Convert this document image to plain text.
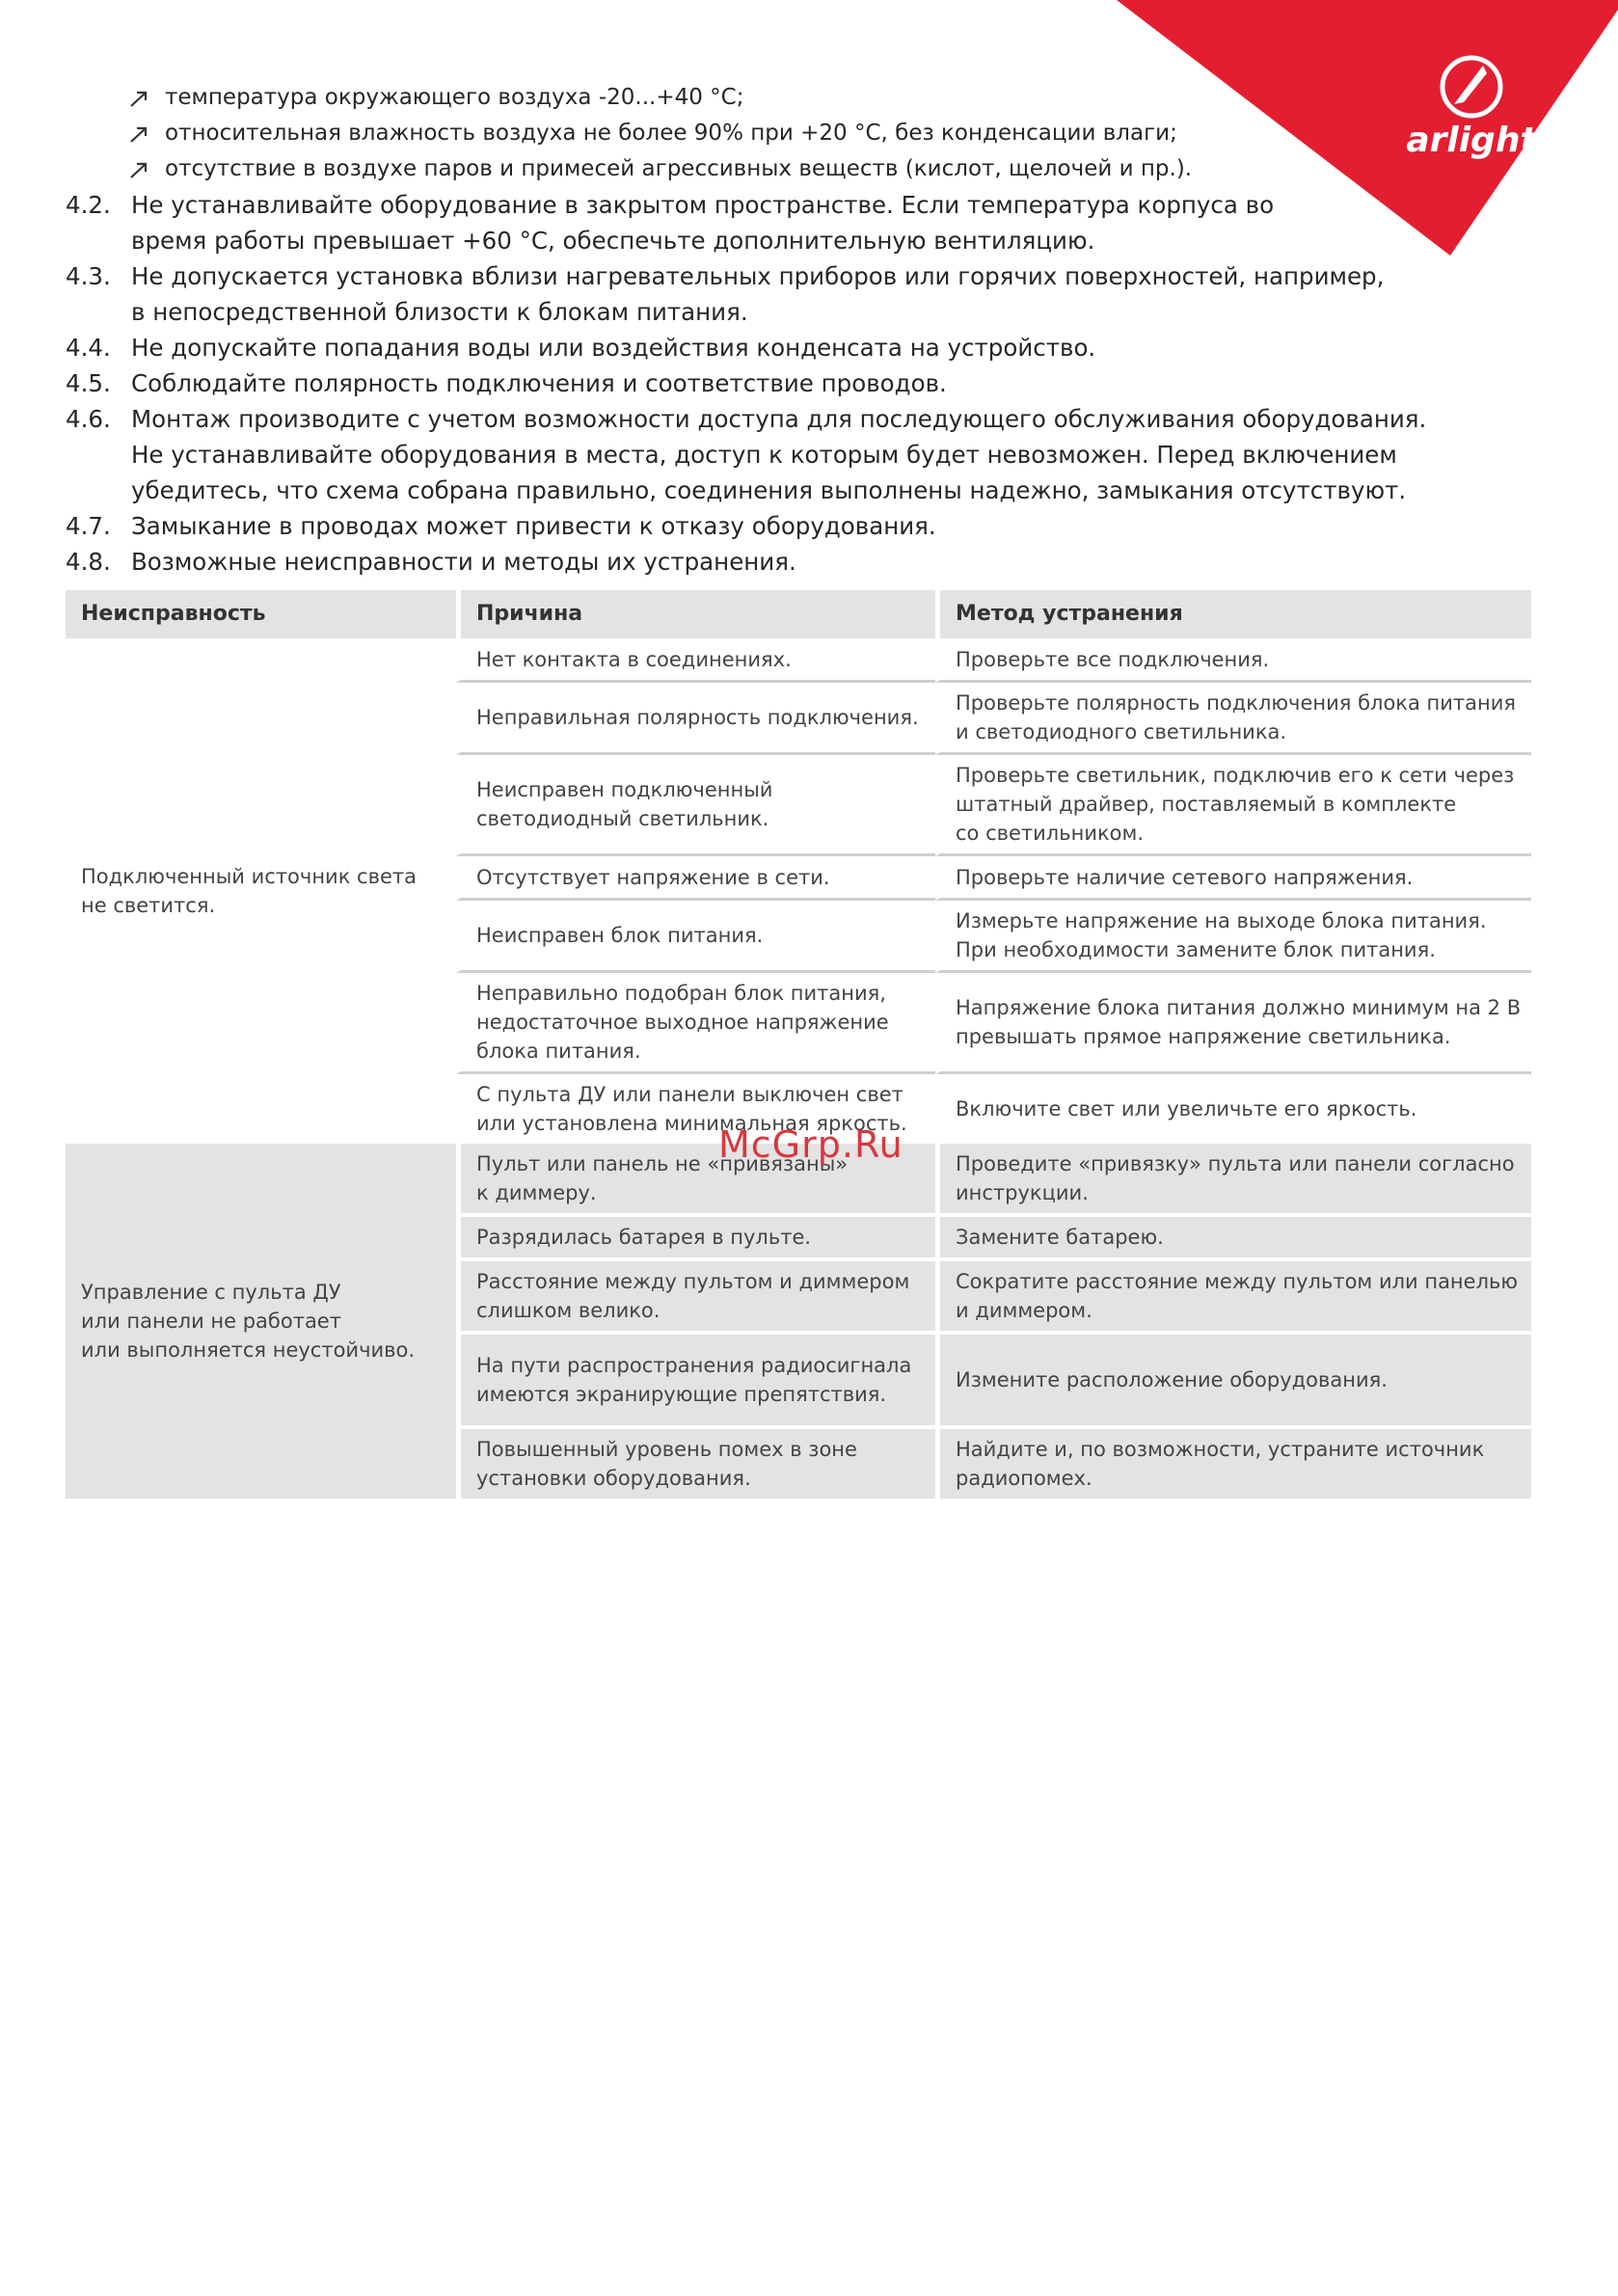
arlight
температура окружающего воздуха -20...+40 °С;
относительная влажность воздуха не более 90% при +20 °С, без конденсации влаги;
отсутствие в воздухе паров и примесей агрессивных веществ (кислот, щелочей и пр.).
4.2. Не устанавливайте оборудование в закрытом пространстве. Если температура корпуса во
время работы превышает +60 °С, обеспечьте дополнительную вентиляцию.
4.3. Не допускается установка вблизи нагревательных приборов или горячих поверхностей, например,
в непосредственной близости к блокам питания.
4.4. Не допускайте попадания воды или воздействия конденсата на устройство.
4.5. Соблюдайте полярность подключения и соответствие проводов.
4.6. Монтаж производите с учетом возможности доступа для последующего обслуживания оборудования.
Не устанавливайте оборудования в места, доступ к которым будет невозможен. Перед включением
убедитесь, что схема собрана правильно, соединения выполнены надежно, замыкания отсутствуют.
4.7. Замыкание в проводах может привести к отказу оборудования.
4.8. Возможные неисправности и методы их устранения.
Неисправность	Причина	Метод устранения

Подключенный источник света
не светится.	Нет контакта в соединениях.	Проверьте все подключения.

	Неправильная полярность подключения.	Проверьте полярность подключения блока питания
и светодиодного светильника.

	Неисправен подключенный
светодиодный светильник.	Проверьте светильник, подключив его к сети через
штатный драйвер, поставляемый в комплекте
со светильником.

	Отсутствует напряжение в сети.	Проверьте наличие сетевого напряжения.

	Неисправен блок питания.	Измерьте напряжение на выходе блока питания.
При необходимости замените блок питания.

	Неправильно подобран блок питания,
недостаточное выходное напряжение
блока питания.	Напряжение блока питания должно минимум на 2 В
превышать прямое напряжение светильника.

	С пульта ДУ или панели выключен свет
или установлена минимальная яркость.	Включите свет или увеличьте его яркость.

Управление с пульта ДУ
или панели не работает
или выполняется неустойчиво.	Пульт или панель не «привязаны»
к диммеру.	Проведите «привязку» пульта или панели согласно
инструкции.

	Разрядилась батарея в пульте.	Замените батарею.

	Расстояние между пультом и диммером
слишком велико.	Сократите расстояние между пультом или панелью
и диммером.

	На пути распространения радиосигнала
имеются экранирующие препятствия.	Измените расположение оборудования.

	Повышенный уровень помех в зоне
установки оборудования.	Найдите и, по возможности, устраните источник
радиопомех.
McGrp.Ru
